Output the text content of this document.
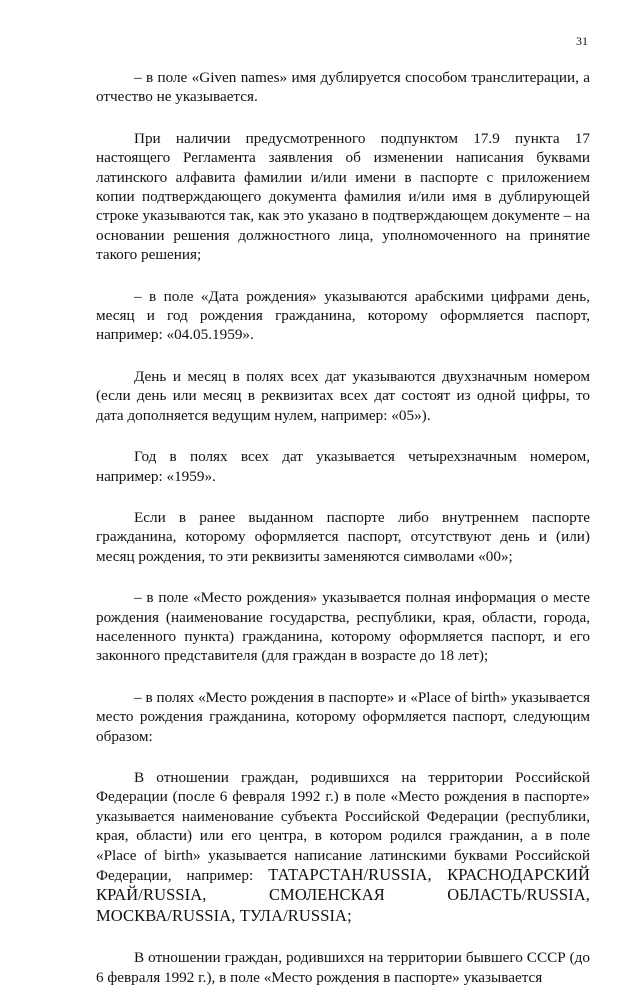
31

– в поле «Given names» имя дублируется способом транслитерации, а отчество не указывается.

При наличии предусмотренного подпунктом 17.9 пункта 17 настоящего Регламента заявления об изменении написания буквами латинского алфавита фамилии и/или имени в паспорте с приложением копии подтверждающего документа фамилия и/или имя в дублирующей строке указываются так, как это указано в подтверждающем документе – на основании решения должностного лица, уполномоченного на принятие такого решения;

– в поле «Дата рождения» указываются арабскими цифрами день, месяц и год рождения гражданина, которому оформляется паспорт, например: «04.05.1959».

День и месяц в полях всех дат указываются двухзначным номером (если день или месяц в реквизитах всех дат состоят из одной цифры, то дата дополняется ведущим нулем, например: «05»).

Год в полях всех дат указывается четырехзначным номером, например: «1959».

Если в ранее выданном паспорте либо внутреннем паспорте гражданина, которому оформляется паспорт, отсутствуют день и (или) месяц рождения, то эти реквизиты заменяются символами «00»;

– в поле «Место рождения» указывается полная информация о месте рождения (наименование государства, республики, края, области, города, населенного пункта) гражданина, которому оформляется паспорт, и его законного представителя (для граждан в возрасте до 18 лет);

– в полях «Место рождения в паспорте» и «Place of birth» указывается место рождения гражданина, которому оформляется паспорт, следующим образом:

В отношении граждан, родившихся на территории Российской Федерации (после 6 февраля 1992 г.) в поле «Место рождения в паспорте» указывается наименование субъекта Российской Федерации (республики, края, области) или его центра, в котором родился гражданин, а в поле «Place of birth» указывается написание латинскими буквами Российской Федерации, например: ТАТАРСТАН/RUSSIA, КРАСНОДАРСКИЙ КРАЙ/RUSSIA, СМОЛЕНСКАЯ ОБЛАСТЬ/RUSSIA, МОСКВА/RUSSIA, ТУЛА/RUSSIA;

В отношении граждан, родившихся на территории бывшего СССР (до 6 февраля 1992 г.), в поле «Место рождения в паспорте» указывается
